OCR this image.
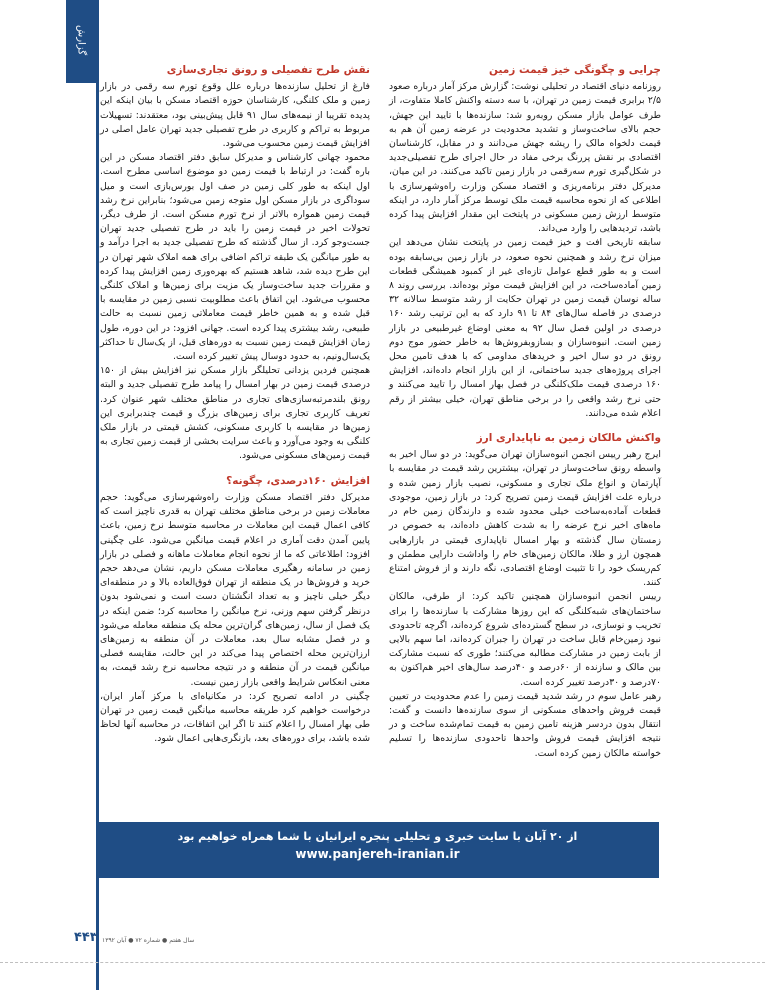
گزارش
چرایی و چگونگی خیز قیمت زمین

روزنامه دنیای اقتصاد در تحلیلی نوشت: گزارش مرکز آمار درباره صعود ۲/۵ برابری قیمت زمین در تهران، با سه دسته واکنش کاملا متفاوت، از طرف عوامل بازار مسکن روبه‌رو شد: سازنده‌ها با تایید این جهش، حجم بالای ساخت‌وساز و تشدید محدودیت در عرضه زمین آن هم به قیمت دلخواه مالک را ریشه جهش می‌دانند و در مقابل، کارشناسان اقتصادی بر نقش پررنگ برخی مفاد در حال اجرای طرح تفصیلی‌جدید در شکل‌گیری تورم سه‌رقمی در بازار زمین تاکید می‌کنند. در این میان، مدیرکل دفتر برنامه‌ریزی و اقتصاد مسکن وزارت راه‌وشهرسازی با اطلاعی که از نحوه محاسبه قیمت ملک توسط مرکز آمار دارد، در اینکه متوسط ارزش زمین مسکونی در پایتخت این مقدار افزایش پیدا کرده باشد، تردیدهایی را وارد می‌داند.

سابقه تاریخی افت و خیز قیمت زمین در پایتخت نشان می‌دهد این میزان نرخ رشد و همچنین نحوه صعود، در بازار زمین بی‌سابقه بوده است و به طور قطع عوامل تازه‌ای غیر از کمبود همیشگی قطعات زمین آماده‌ساخت، در این افزایش قیمت موثر بوده‌اند. بررسی روند ۸ ساله نوسان قیمت زمین در تهران حکایت از رشد متوسط سالانه ۳۲ درصدی در فاصله سال‌های ۸۴ تا ۹۱ دارد که به این ترتیب رشد ۱۶۰ درصدی در اولین فصل سال ۹۲ به معنی اوضاع غیرطبیعی در بازار زمین است. انبوه‌سازان و بساز‌وبفروش‌ها به خاطر حضور موج دوم رونق در دو سال اخیر و خریدهای مداومی که با هدف تامین محل اجرای پروژه‌های جدید ساختمانی، از این بازار انجام داده‌اند، افزایش ۱۶۰ درصدی قیمت ملک‌کلنگی در فصل بهار امسال را تایید می‌کنند و حتی نرخ رشد واقعی را در برخی مناطق تهران، خیلی بیشتر از رقم اعلام شده می‌دانند.

واکنش مالکان زمین به ناپایداری ارز

ایرج رهبر رییس انجمن انبوه‌سازان تهران می‌گوید: در دو سال اخیر به واسطه رونق ساخت‌وساز در تهران، بیشترین رشد قیمت در مقایسه با آپارتمان و انواع ملک تجاری و مسکونی، نصیب بازار زمین شده‌ و درباره علت افزایش قیمت زمین تصریح کرد: در بازار زمین، موجودی قطعات آماده‌به‌ساخت خیلی محدود شده و دارندگان زمین خام در ماه‌های اخیر نرخ عرضه را به شدت کاهش داده‌اند، به خصوص در زمستان سال گذشته و بهار امسال ناپایداری قیمتی در بازارهایی همچون ارز و طلا، مالکان زمین‌های خام را واداشت دارایی مطمئن و کم‌ریسک خود را تا تثبیت اوضاع اقتصادی، نگه دارند و از فروش امتناع کنند.

رییس انجمن انبوه‌سازان همچنین تاکید کرد: از طرفی، مالکان ساختمان‌های شبه‌کلنگی که این روزها مشارکت با سازنده‌ها را برای تخریب و نوسازی، در سطح گسترده‌ای شروع کرده‌اند، اگرچه تاحدودی نبود زمین‌خام قابل ساخت در تهران را جبران کرده‌اند، اما سهم بالایی از بابت زمین در مشارکت مطالبه می‌کنند؛ طوری که نسبت مشارکت بین مالک و سازنده از ۶۰درصد و ۴۰درصد سال‌های اخیر هم‌اکنون به ۷۰درصد و ۳۰درصد تغییر کرده است.

رهبر عامل سوم در رشد شدید قیمت زمین را عدم محدودیت در تعیین قیمت فروش واحدهای مسکونی از سوی سازنده‌ها دانست و گفت: انتقال بدون دردسر هزینه تامین زمین به قیمت تمام‌شده ساخت و در نتیجه افزایش قیمت فروش واحدها تاحدودی سازنده‌ها را تسلیم خواسته مالکان زمین کرده است.

نقش طرح تفصیلی و رونق تجاری‌سازی

فارغ از تحلیل سازنده‌ها درباره علل وقوع تورم سه رقمی در بازار زمین و ملک کلنگی، کارشناسان حوزه اقتصاد مسکن با بیان اینکه این پدیده تقریبا از نیمه‌های سال ۹۱ قابل پیش‌بینی بود، معتقدند: تسهیلات مربوط به تراکم و کاربری در طرح تفصیلی جدید تهران عامل اصلی در افزایش قیمت زمین محسوب می‌شود.

محمود چهانی کارشناس و مدیرکل سابق دفتر اقتصاد مسکن در این باره گفت: در ارتباط با قیمت زمین دو موضوع اساسی مطرح است. اول اینکه به طور کلی زمین در صف اول بورس‌بازی است و میل سوداگری در بازار مسکن اول متوجه زمین می‌شود؛ بنابراین نرخ رشد قیمت زمین همواره بالاتر از نرخ تورم مسکن است. از طرف دیگر، تحولات اخیر در قیمت زمین را باید در طرح تفصیلی جدید تهران جست‌وجو کرد. از سال گذشته که طرح تفصیلی جدید به اجرا درآمد و به طور میانگین یک طبقه تراکم اضافی برای همه املاک شهر تهران در این طرح دیده شد، شاهد هستیم که بهره‌وری زمین افزایش پیدا کرده و مقررات جدید ساخت‌وساز یک مزیت برای زمین‌ها و املاک کلنگی محسوب می‌شود. این اتفاق باعث مطلوبیت نسبی زمین در مقایسه با قبل شده و به همین خاطر قیمت معاملاتی زمین نسبت به حالت طبیعی، رشد بیشتری پیدا کرده است. جهانی افزود: در این دوره، طول زمان افزایش قیمت زمین نسبت به دوره‌های قبل، از یک‌سال تا حداکثر یک‌سال‌ونیم، به حدود دو‌سال پیش تغییر کرده است.

همچنین فردین یزدانی تحلیلگر بازار مسکن نیز افزایش بیش از ۱۵۰ درصدی قیمت زمین در بهار امسال را پیامد طرح تفصیلی جدید و البته رونق بلندمرتبه‌سازی‌های تجاری در مناطق مختلف شهر عنوان کرد. تعریف کاربری تجاری برای زمین‌های بزرگ و قیمت چندبرابری این زمین‌ها در مقایسه با کاربری مسکونی، کشش قیمتی در بازار ملک کلنگی به وجود می‌آورد و باعث سرایت بخشی از قیمت زمین تجاری به قیمت زمین‌های مسکونی می‌شود.

افزایش ۱۶۰درصدی، چگونه؟

مدیرکل دفتر اقتصاد مسکن وزارت راه‌وشهرسازی می‌گوید: حجم معاملات زمین در برخی مناطق مختلف تهران به قدری ناچیز است که کافی اعمال قیمت این معاملات در محاسبه متوسط نرخ زمین، باعث پایین آمدن دقت آماری در اعلام قیمت میانگین می‌شود. علی چگینی افزود: اطلاعاتی که ما از نحوه انجام معاملات ماهانه و فصلی در بازار زمین در سامانه رهگیری معاملات مسکن داریم، نشان می‌دهد حجم خرید و فروش‌ها در یک منطقه از تهران فوق‌العاده بالا و در منطقه‌ای دیگر خیلی ناچیز و به تعداد انگشتان دست است و نمی‌شود بدون درنظر گرفتن سهم وزنی، نرخ میانگین را محاسبه کرد؛ ضمن اینکه در یک فصل از سال، زمین‌های گران‌ترین محله یک منطقه معامله می‌شود و در فصل مشابه سال بعد، معاملات در آن منطقه به زمین‌های ارزان‌ترین محله اختصاص پیدا می‌کند در این حالت، مقایسه فصلی میانگین قیمت در آن منطقه و در نتیجه محاسبه نرخ رشد قیمت، به معنی انعکاس شرایط واقعی بازار زمین نیست.

چگینی در ادامه تصریح کرد: در مکانیاه‌ای با مرکز آمار ایران، درخواست خواهیم کرد طریقه محاسبه میانگین قیمت زمین در تهران طی بهار امسال را اعلام کنند تا اگر این اتفاقات، در محاسبه آنها لحاظ شده باشد، برای دوره‌های بعد، بازنگری‌هایی اعمال شود.

از ۲۰ آبان با سایت خبری و تحلیلی پنجره ایرانیان با شما همراه خواهیم بود
www.panjereh-iranian.ir
۴۴۳ سال هفتم ● شماره ۷۲ ● آبان ۱۳۹۲
